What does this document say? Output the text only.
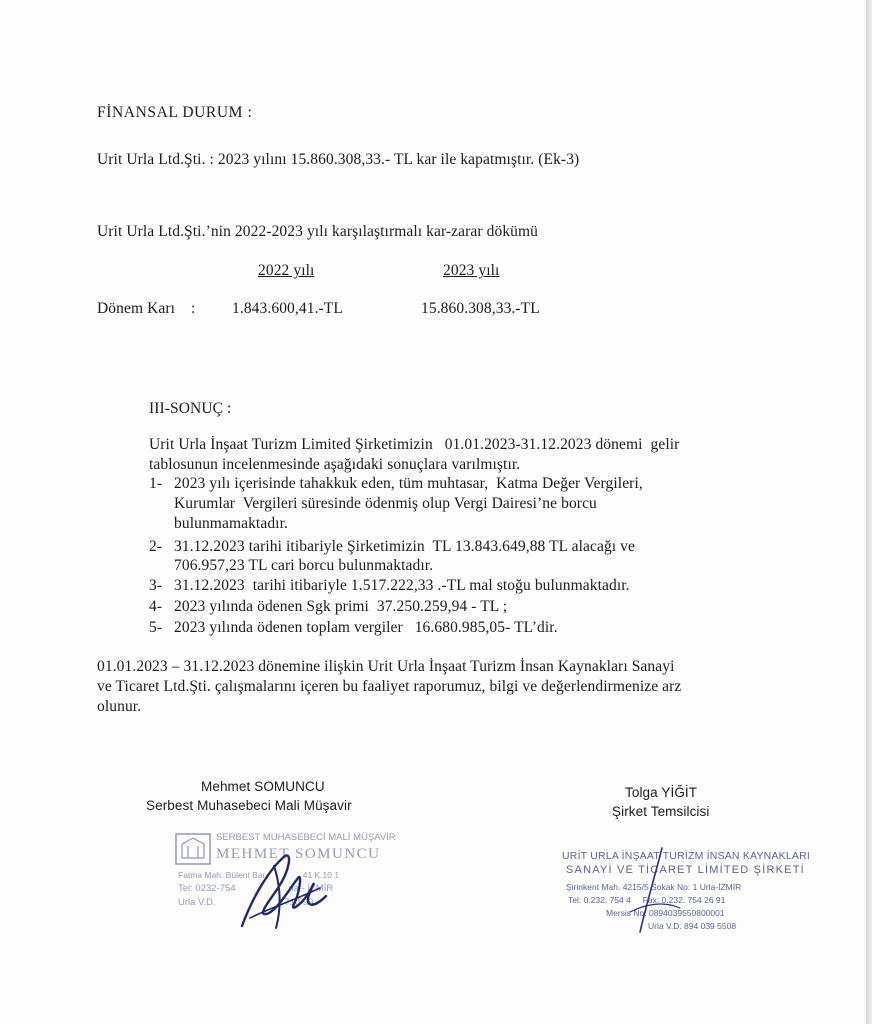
FİNANSAL DURUM :
Urit Urla Ltd.Şti. : 2023 yılını 15.860.308,33.- TL kar ile kapatmıştır. (Ek-3)
Urit Urla Ltd.Şti.’nin 2022-2023 yılı karşılaştırmalı kar-zarar dökümü
2022 yılı	2023 yılı
Dönem Karı    : 1.843.600,41.-TL	15.860.308,33.-TL
III-SONUÇ :
Urit Urla İnşaat Turizm Limited Şirketimizin   01.01.2023-31.12.2023 dönemi  gelir
tablosunun incelenmesinde aşağıdaki sonuçlara varılmıştır.
1- 2023 yılı içerisinde tahakkuk eden, tüm muhtasar,  Katma Değer Vergileri,
Kurumlar  Vergileri süresinde ödenmiş olup Vergi Dairesi’ne borcu
bulunmamaktadır.
2- 31.12.2023 tarihi itibariyle Şirketimizin  TL 13.843.649,88 TL alacağı ve
706.957,23 TL cari borcu bulunmaktadır.
3- 31.12.2023  tarihi itibariyle 1.517.222,33 .-TL mal stoğu bulunmaktadır.
4- 2023 yılında ödenen Sgk primi  37.250.259,94 - TL ;
5- 2023 yılında ödenen toplam vergiler   16.680.985,05- TL’dir.
01.01.2023 – 31.12.2023 dönemine ilişkin Urit Urla İnşaat Turizm İnsan Kaynakları Sanayi
ve Ticaret Ltd.Şti. çalışmalarını içeren bu faaliyet raporumuz, bilgi ve değerlendirmenize arz
olunur.
Mehmet SOMUNCU
Serbest Muhasebeci Mali Müşavir
Tolga YİĞİT
Şirket Temsilcisi
SERBEST MUHASEBECİ MALİ MÜŞAVİR
MEHMET SOMUNCU
Fatma Mah. Bülent Bar.               41 K.10 1
Tel: 0232-754                    rla - İZMİR
Urla V.D.                          710 99
URİT URLA İNŞAAT TURİZM İNSAN KAYNAKLARI
SANAYİ VE TİCARET LİMİTED ŞİRKETİ
Şirinkent Mah. 4215/5 Sokak No: 1 Urla-İZMİR
Tel: 0.232. 754 4     Fax: 0.232. 754 26 91
Mersis No: 0894039550800001
Urla V.D. 894 039 5508
